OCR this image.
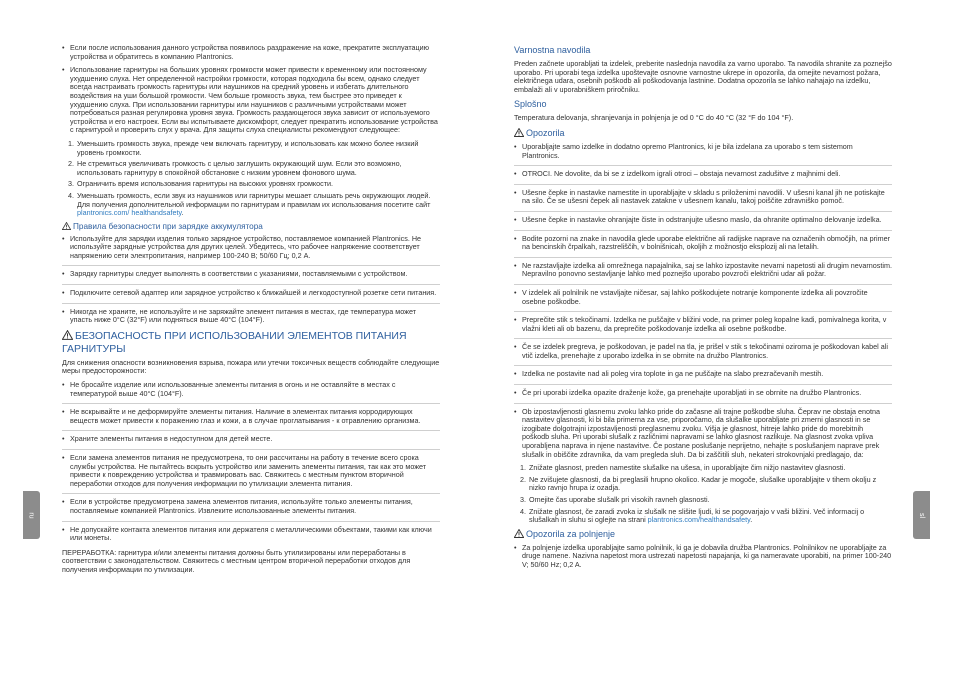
• Если после использования данного устройства появилось раздражение на коже, прекратите эксплуатацию устройства и обратитесь в компанию Plantronics.
• Использование гарнитуры на больших уровнях громкости может привести к временному или постоянному ухудшению слуха. Нет определенной настройки громкости, которая подходила бы всем, однако следует всегда настраивать громкость гарнитуры или наушников на средний уровень и избегать длительного воздействия на уши большой громкости. Чем больше громкость звука, тем быстрее это приведет к ухудшению слуха. При использовании гарнитуры или наушников с различными устройствами может потребоваться разная регулировка уровня звука. Громкость раздающегося звука зависит от используемого устройства и его настроек. Если вы испытываете дискомфорт, следует прекратить использование устройства с гарнитурой и проверить слух у врача. Для защиты слуха специалисты рекомендуют следующее:
1. Уменьшить громкость звука, прежде чем включать гарнитуру, и использовать как можно более низкий уровень громкости.
2. Не стремиться увеличивать громкость с целью заглушить окружающий шум. Если это возможно, использовать гарнитуру в спокойной обстановке с низким уровнем фонового шума.
3. Ограничить время использования гарнитуры на высоких уровнях громкости.
4. Уменьшать громкость, если звук из наушников или гарнитуры мешает слышать речь окружающих людей. Для получения дополнительной информации по гарнитурам и правилам их использования посетите сайт plantronics.com/ healthandsafety.
Правила безопасности при зарядке аккумулятора
• Используйте для зарядки изделия только зарядное устройство, поставляемое компанией Plantronics. Не используйте зарядные устройства для других целей. Убедитесь, что рабочее напряжение соответствует напряжению сети электропитания, например 100-240 В; 50/60 Гц; 0,2 А.
• Зарядку гарнитуры следует выполнять в соответствии с указаниями, поставляемыми с устройством.
• Подключите сетевой адаптер или зарядное устройство к ближайшей и легкодоступной розетке сети питания.
• Никогда не храните, не используйте и не заряжайте элемент питания в местах, где температура может упасть ниже 0°C (32°F) или подняться выше 40°C (104°F).
БЕЗОПАСНОСТЬ ПРИ ИСПОЛЬЗОВАНИИ ЭЛЕМЕНТОВ ПИТАНИЯ ГАРНИТУРЫ
Для снижения опасности возникновения взрыва, пожара или утечки токсичных веществ соблюдайте следующие меры предосторожности:
• Не бросайте изделие или использованные элементы питания в огонь и не оставляйте в местах с температурой выше 40°C (104°F).
• Не вскрывайте и не деформируйте элементы питания. Наличие в элементах питания корродирующих веществ может привести к поражению глаз и кожи, а в случае проглатывания - к отравлению организма.
• Храните элементы питания в недоступном для детей месте.
• Если замена элементов питания не предусмотрена, то они рассчитаны на работу в течение всего срока службы устройства. Не пытайтесь вскрыть устройство или заменить элементы питания, так как это может привести к повреждению устройства и травмировать вас. Свяжитесь с местным пунктом вторичной переработки отходов для получения информации по утилизации элемента питания.
• Если в устройстве предусмотрена замена элементов питания, используйте только элементы питания, поставляемые компанией Plantronics. Извлеките использованные элементы питания.
• Не допускайте контакта элементов питания или держателя с металлическими объектами, такими как ключи или монеты.
ПЕРЕРАБОТКА: гарнитура и/или элементы питания должны быть утилизированы или переработаны в соответствии с законодательством. Свяжитесь с местным центром вторичной переработки отходов для получения информации по утилизации.
Varnostna navodila
Preden začnete uporabljati ta izdelek, preberite naslednja navodila za varno uporabo. Ta navodila shranite za poznejšo uporabo. Pri uporabi tega izdelka upoštevajte osnovne varnostne ukrepe in opozorila, da omejite nevarnost požara, električnega udara, osebnih poškodb ali poškodovanja lastnine. Dodatna opozorila se lahko nahajajo na izdelku, embalaži ali v uporabniškem priročniku.
Splošno
Temperatura delovanja, shranjevanja in polnjenja je od 0 °C do 40 °C (32 °F do 104 °F).
Opozorila
• Uporabljajte samo izdelke in dodatno opremo Plantronics, ki je bila izdelana za uporabo s tem sistemom Plantronics.
• OTROCI. Ne dovolite, da bi se z izdelkom igrali otroci – obstaja nevarnost zadušitve z majhnimi deli.
• Ušesne čepke in nastavke namestite in uporabljajte v skladu s priloženimi navodili. V ušesni kanal jih ne potiskajte na silo. Če se ušesni čepek ali nastavek zatakne v ušesnem kanalu, takoj poiščite zdravniško pomoč.
• Ušesne čepke in nastavke ohranjajte čiste in odstranjujte ušesno maslo, da ohranite optimalno delovanje izdelka.
• Bodite pozorni na znake in navodila glede uporabe električne ali radijske naprave na označenih območjih, na primer na bencinskih črpalkah, razstreliščih, v bolnišnicah, okoljih z možnostjo eksplozij ali na letalih.
• Ne razstavljajte izdelka ali omrežnega napajalnika, saj se lahko izpostavite nevarni napetosti ali drugim nevarnostim. Nepravilno ponovno sestavljanje lahko med poznejšo uporabo povzroči električni udar ali požar.
• V izdelek ali polnilnik ne vstavljajte ničesar, saj lahko poškodujete notranje komponente izdelka ali povzročite osebne poškodbe.
• Preprečite stik s tekočinami. Izdelka ne puščajte v bližini vode, na primer poleg kopalne kadi, pomivalnega korita, v vlažni kleti ali ob bazenu, da preprečite poškodovanje izdelka ali osebne poškodbe.
• Če se izdelek pregreva, je poškodovan, je padel na tla, je prišel v stik s tekočinami oziroma je poškodovan kabel ali vtič izdelka, prenehajte z uporabo izdelka in se obrnite na družbo Plantronics.
• Izdelka ne postavite nad ali poleg vira toplote in ga ne puščajte na slabo prezračevanih mestih.
• Če pri uporabi izdelka opazite draženje kože, ga prenehajte uporabljati in se obrnite na družbo Plantronics.
• Ob izpostavljenosti glasnemu zvoku lahko pride do začasne ali trajne poškodbe sluha. Čeprav ne obstaja enotna nastavitev glasnosti, ki bi bila primerna za vse, priporočamo, da slušalke uporabljate pri zmerni glasnosti in se izogibate dolgotrajni izpostavljenosti preglasnemu zvoku. Višja je glasnost, hitreje lahko pride do morebitnih poškodb sluha. Pri uporabi slušalk z različnimi napravami se lahko glasnost razlikuje. Na glasnost zvoka vpliva uporabljena naprava in njene nastavitve. Če postane poslušanje neprijetno, nehajte s poslušanjem naprave prek slušalk in obiščite zdravnika, da vam pregleda sluh. Da bi zaščitili sluh, nekateri strokovnjaki predlagajo, da:
1. Znižate glasnost, preden namestite slušalke na ušesa, in uporabljajte čim nižjo nastavitev glasnosti.
2. Ne zvišujete glasnosti, da bi preglasili hrupno okolico. Kadar je mogoče, slušalke uporabljajte v tihem okolju z nizko ravnjo hrupa iz ozadja.
3. Omejite čas uporabe slušalk pri visokih ravneh glasnosti.
4. Znižate glasnost, če zaradi zvoka iz slušalk ne slišite ljudi, ki se pogovarjajo v vaši bližini. Več informacij o slušalkah in sluhu si oglejte na strani plantronics.com/healthandsafety.
Opozorila za polnjenje
• Za polnjenje izdelka uporabljajte samo polnilnik, ki ga je dobavila družba Plantronics. Polnilnikov ne uporabljajte za druge namene. Nazivna napetost mora ustrezati napetosti napajanja, ki ga nameravate uporabiti, na primer 100-240 V; 50/60 Hz; 0,2 A.
ru	sl
